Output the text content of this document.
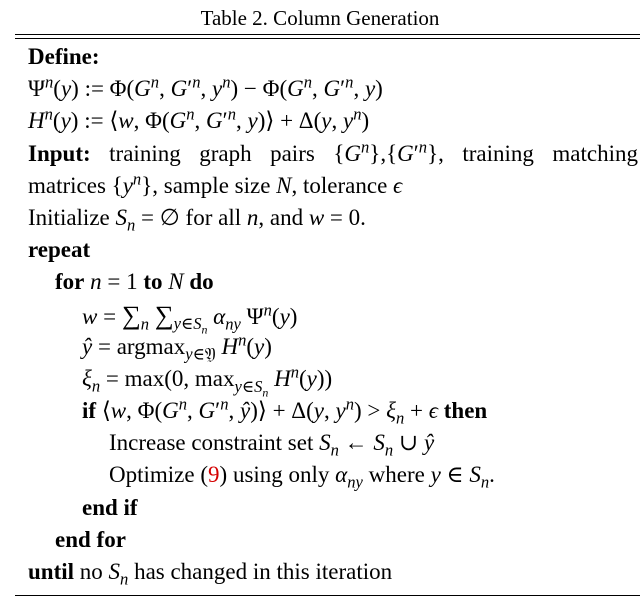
Table 2. Column Generation
Define:
$\Psi^n(y)$ := $\Phi(G^n$, $G'^n$, $y^n) - \Phi(G^n$, $G'^n$, y)
$H^n(y)$ := ⟨w, $\Phi(G^n$, $G'^n$, y)⟩ + Δ(y, $y^n$)
Input: training graph pairs $\{G^n\},\{G'^n\}$, training matching matrices $\{y^n\}$, sample size N, tolerance ϵ
Initialize $S_n$ = ∅ for all n, and w = 0.
repeat
for n = 1 to N do
$w = \sum_n$ $\sum_{y\in S_n}$ $\alpha_{ny}$ $\Psi^n(y)$
ŷ = argmax$_{y\in 𝔜}$ $H^n(y)$
$\xi_n = \max(0$, $\max_{y\in S_n} H^n(y)$)
if ⟨w, $\Phi(G^n$, $G'^n$, ŷ)⟩ + Δ(y, $y^n) > \xi_n + \epsilon$ then
Increase constraint set $S_n$ ← $S_n$ ∪ ŷ
Optimize (9) using only $\alpha_{ny}$ where y ∈ $S_n$.
end if
end for
until no $S_n$ has changed in this iteration
